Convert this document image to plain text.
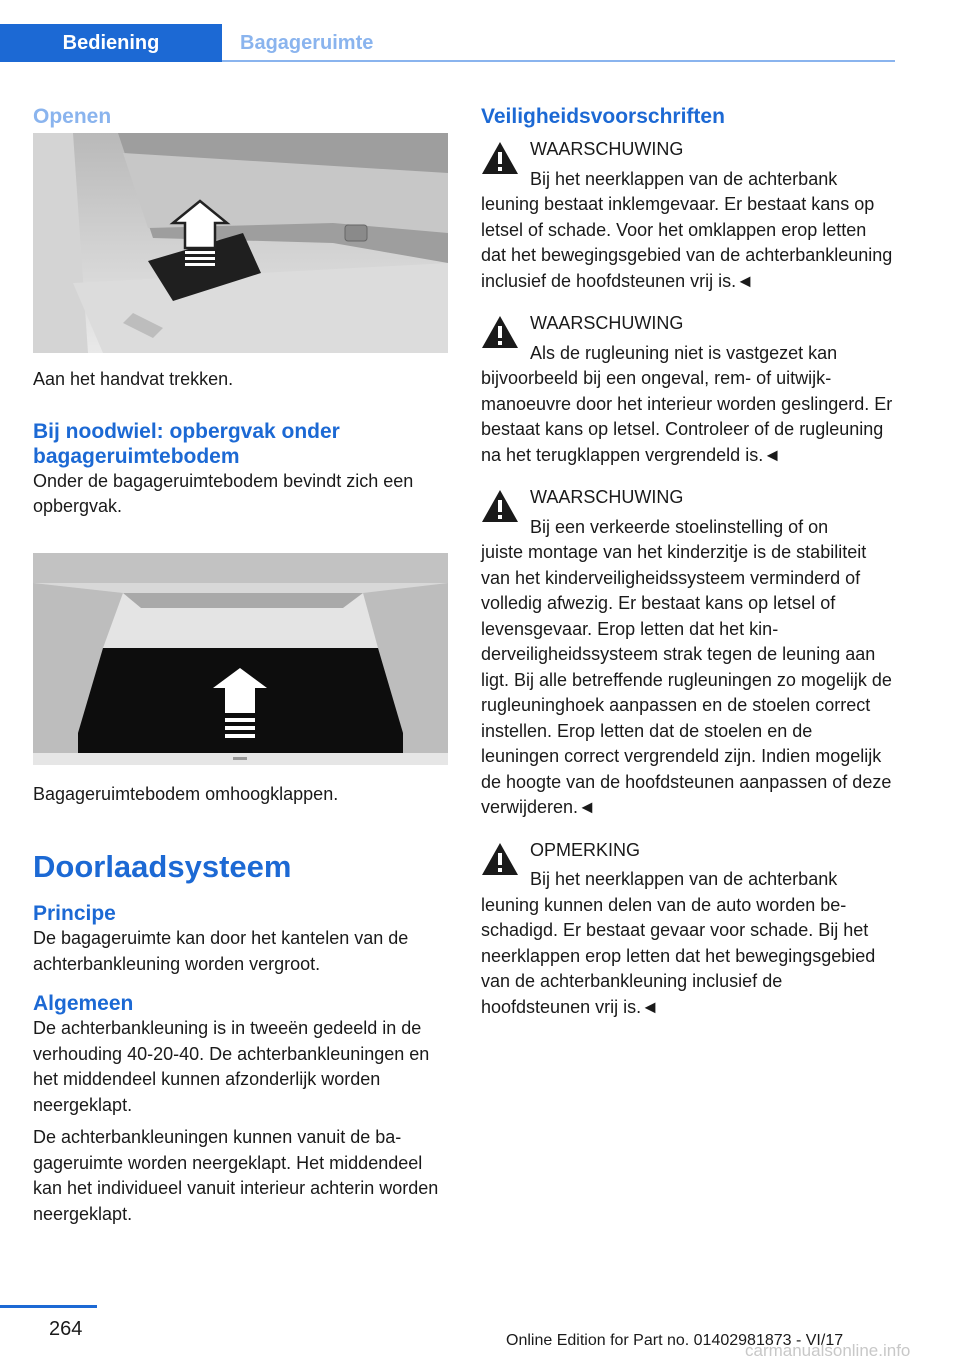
Bediening	Bagageruimte
Openen

Aan het handvat trekken.

Bij noodwiel: opbergvak onder bagageruimtebodem

Onder de bagageruimtebodem bevindt zich een opbergvak.

Bagageruimtebodem omhoogklappen.

Doorlaadsysteem
Principe

De bagageruimte kan door het kantelen van de achterbankleuning worden vergroot.

Algemeen

De achterbankleuning is in tweeën gedeeld in de verhouding 40-20-40. De achterbankleuningen en het middendeel kunnen afzonderlijk worden neergeklapt.

De achterbankleuningen kunnen vanuit de bagageruimte worden neergeklapt. Het middendeel kan het individueel vanuit interieur achterin worden neergeklapt.

Veiligheidsvoorschriften

WAARSCHUWING

Bij het neerklappen van de achterbank

leuning bestaat inklemgevaar. Er bestaat kans op letsel of schade. Voor het omklappen erop letten dat het bewegingsgebied van de achterbankleuning inclusief de hoofdsteunen vrij is.◄

WAARSCHUWING

Als de rugleuning niet is vastgezet kan

bijvoorbeeld bij een ongeval, rem- of uitwijkmanoeuvre door het interieur worden geslingerd. Er bestaat kans op letsel. Controleer of de rugleuning na het terugklappen vergrendeld is.◄

WAARSCHUWING

Bij een verkeerde stoelinstelling of on

juiste montage van het kinderzitje is de stabiliteit van het kinderveiligheidssysteem verminderd of volledig afwezig. Er bestaat kans op letsel of levensgevaar. Erop letten dat het kinderveiligheidssysteem strak tegen de leuning aan ligt. Bij alle betreffende rugleuningen zo mogelijk de rugleuninghoek aanpassen en de stoelen correct instellen. Erop letten dat de stoelen en de leuningen correct vergrendeld zijn. Indien mogelijk de hoogte van de hoofdsteunen aanpassen of deze verwijderen.◄

OPMERKING

Bij het neerklappen van de achterbank

leuning kunnen delen van de auto worden beschadigd. Er bestaat gevaar voor schade. Bij het neerklappen erop letten dat het bewegingsgebied van de achterbankleuning inclusief de hoofdsteunen vrij is.◄

264
Online Edition for Part no. 01402981873 - VI/17
carmanualsonline.info
